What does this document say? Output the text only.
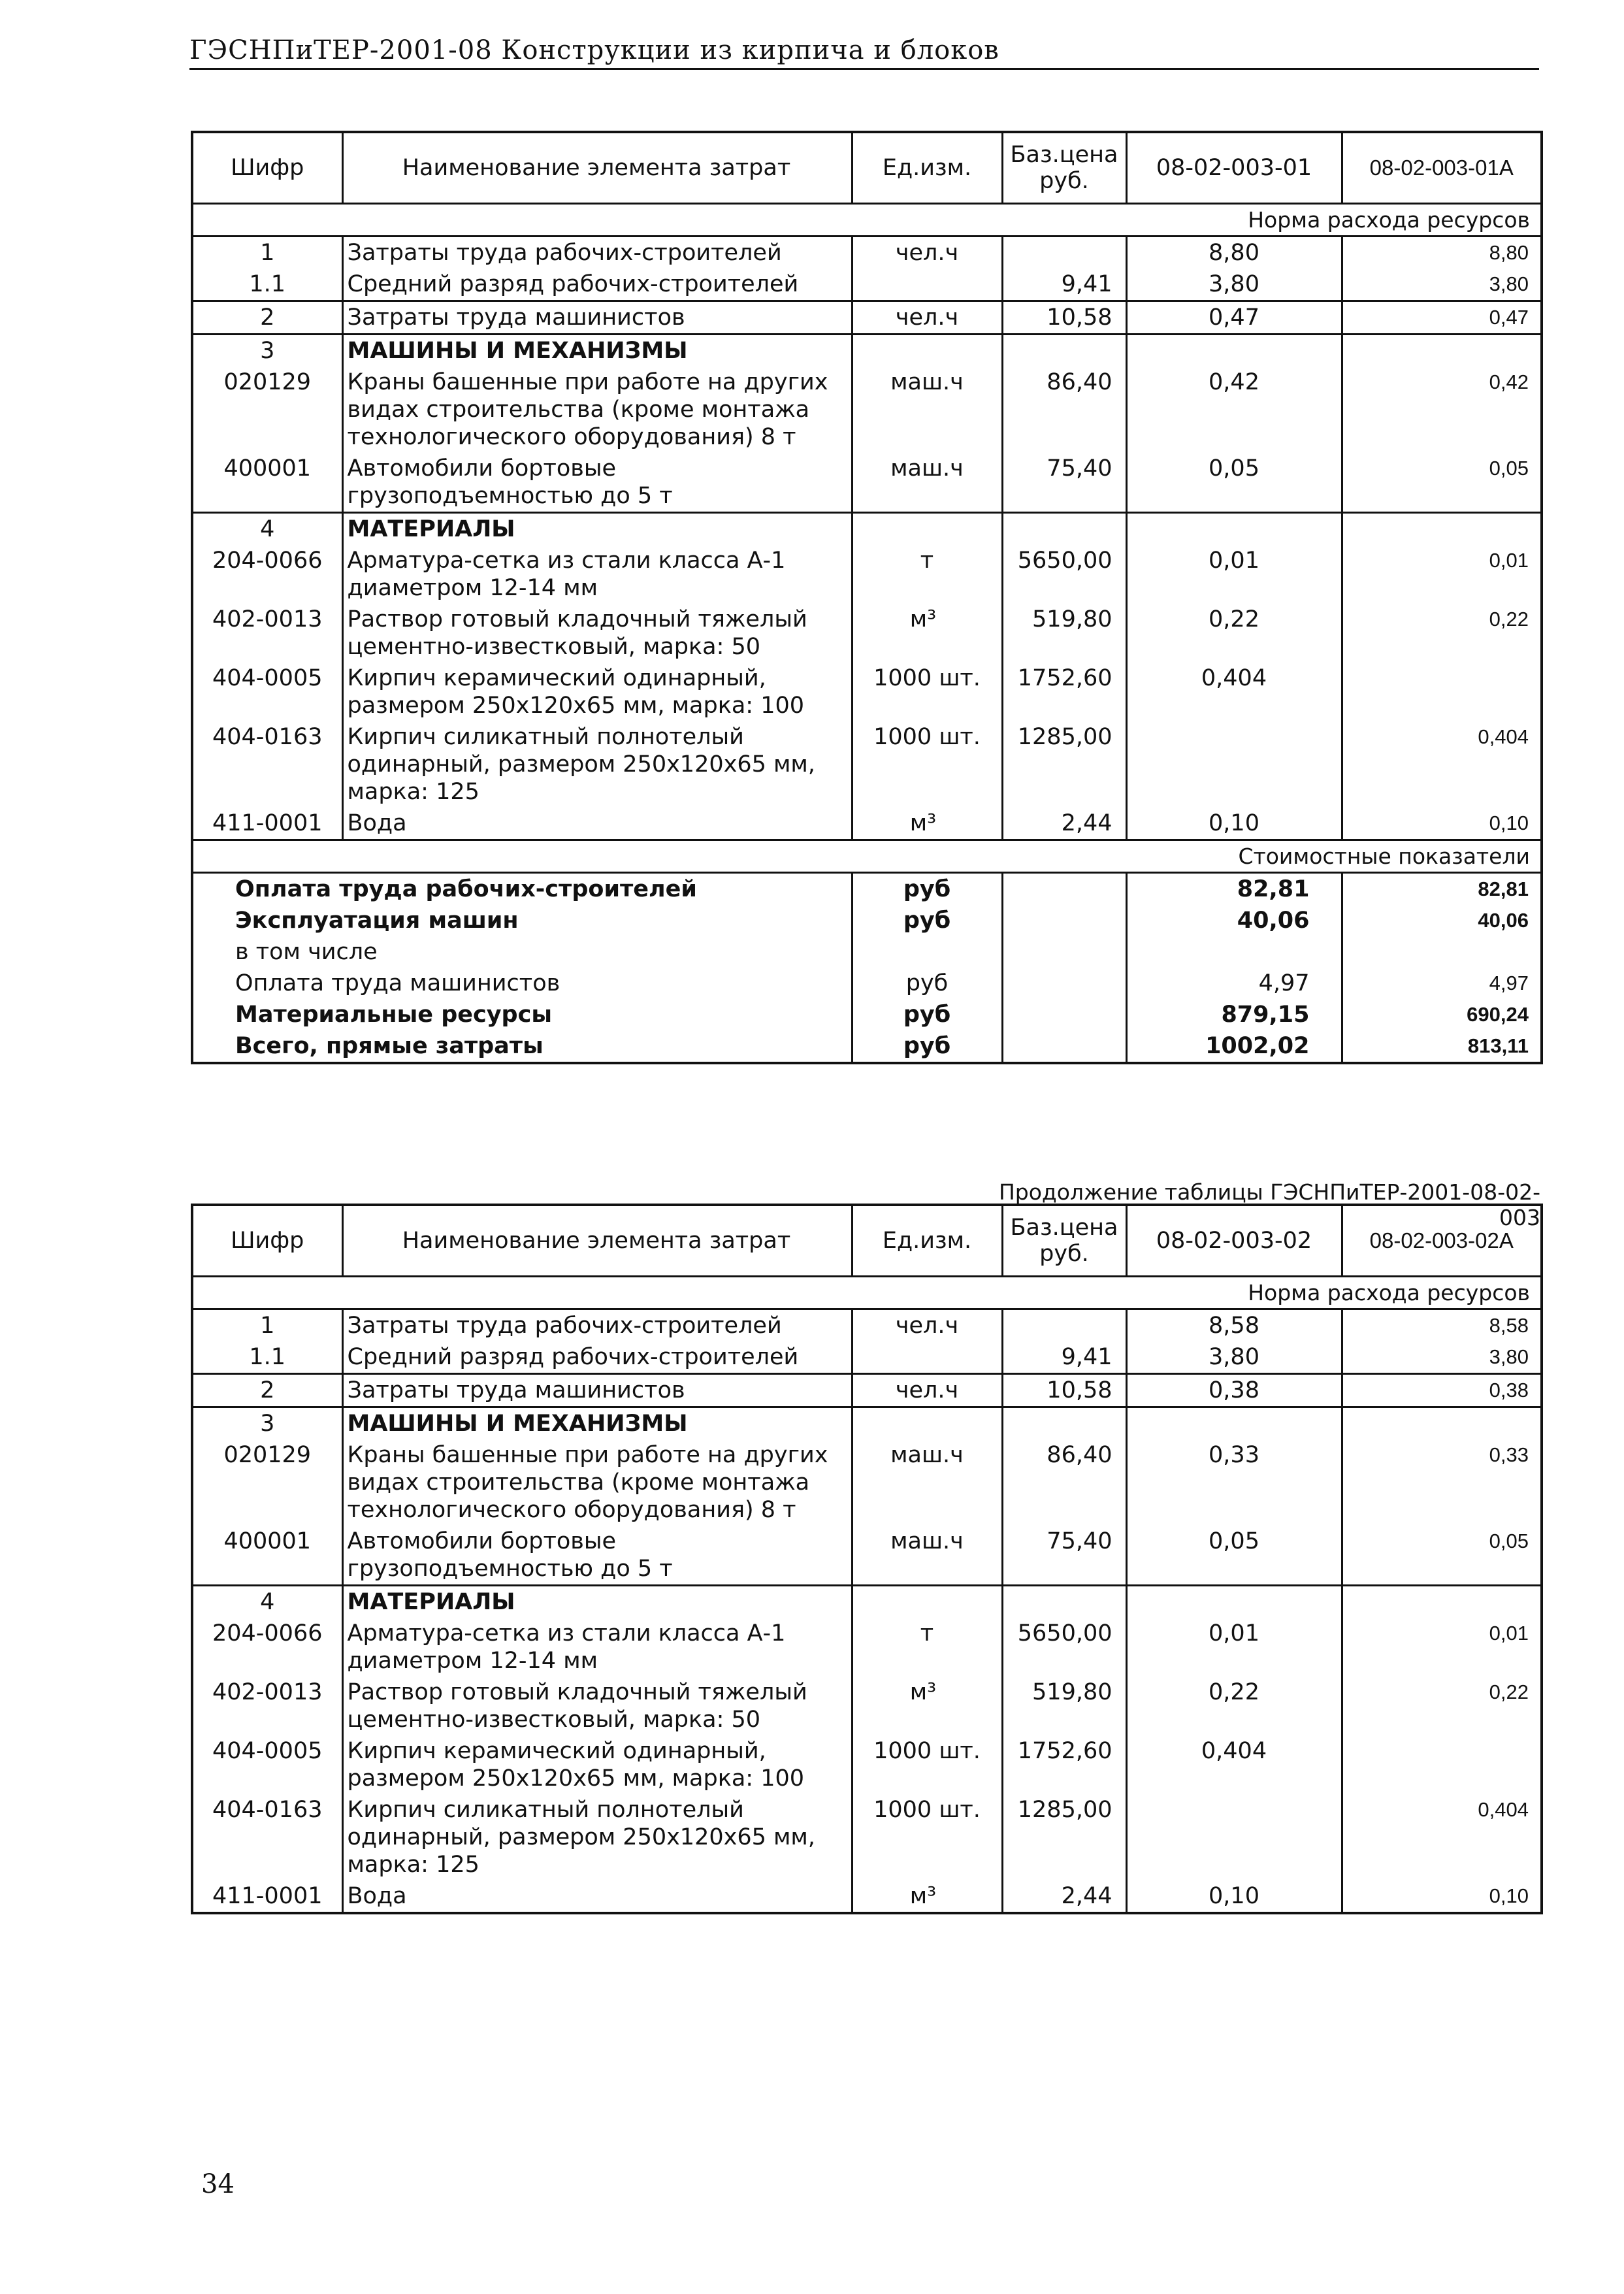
ГЭСНПиТЕР-2001-08 Конструкции из кирпича и блоков
Шифр	Наименование элемента затрат	Ед.изм.	Баз.цена руб.	08-02-003-01	08-02-003-01А
Норма расхода ресурсов					
1	Затраты труда рабочих-строителей	чел.ч		8,80	8,80
1.1	Средний разряд рабочих-строителей		9,41	3,80	3,80
2	Затраты труда машинистов	чел.ч	10,58	0,47	0,47
3	МАШИНЫ И МЕХАНИЗМЫ				
020129	Краны башенные при работе на других видах строительства (кроме монтажа технологического оборудования) 8 т	маш.ч	86,40	0,42	0,42
400001	Автомобили бортовые грузоподъемностью до 5 т	маш.ч	75,40	0,05	0,05
4	МАТЕРИАЛЫ				
204-0066	Арматура-сетка из стали класса А-1 диаметром 12-14 мм	т	5650,00	0,01	0,01
402-0013	Раствор готовый кладочный тяжелый цементно-известковый, марка: 50	м³	519,80	0,22	0,22
404-0005	Кирпич керамический одинарный, размером 250х120х65 мм, марка: 100	1000 шт.	1752,60	0,404	
404-0163	Кирпич силикатный полнотелый одинарный, размером 250х120х65 мм, марка: 125	1000 шт.	1285,00		0,404
411-0001	Вода	м³	2,44	0,10	0,10
Стоимостные показатели					
Оплата труда рабочих-строителей		руб		82,81	82,81
Эксплуатация машин		руб		40,06	40,06
в том числе					
Оплата труда машинистов		руб		4,97	4,97
Материальные ресурсы		руб		879,15	690,24
Всего, прямые затраты		руб		1002,02	813,11
Продолжение таблицы ГЭСНПиТЕР-2001-08-02-003
Шифр	Наименование элемента затрат	Ед.изм.	Баз.цена руб.	08-02-003-02	08-02-003-02А
Норма расхода ресурсов					
1	Затраты труда рабочих-строителей	чел.ч		8,58	8,58
1.1	Средний разряд рабочих-строителей		9,41	3,80	3,80
2	Затраты труда машинистов	чел.ч	10,58	0,38	0,38
3	МАШИНЫ И МЕХАНИЗМЫ				
020129	Краны башенные при работе на других видах строительства (кроме монтажа технологического оборудования) 8 т	маш.ч	86,40	0,33	0,33
400001	Автомобили бортовые грузоподъемностью до 5 т	маш.ч	75,40	0,05	0,05
4	МАТЕРИАЛЫ				
204-0066	Арматура-сетка из стали класса А-1 диаметром 12-14 мм	т	5650,00	0,01	0,01
402-0013	Раствор готовый кладочный тяжелый цементно-известковый, марка: 50	м³	519,80	0,22	0,22
404-0005	Кирпич керамический одинарный, размером 250х120х65 мм, марка: 100	1000 шт.	1752,60	0,404	
404-0163	Кирпич силикатный полнотелый одинарный, размером 250х120х65 мм, марка: 125	1000 шт.	1285,00		0,404
411-0001	Вода	м³	2,44	0,10	0,10
34
